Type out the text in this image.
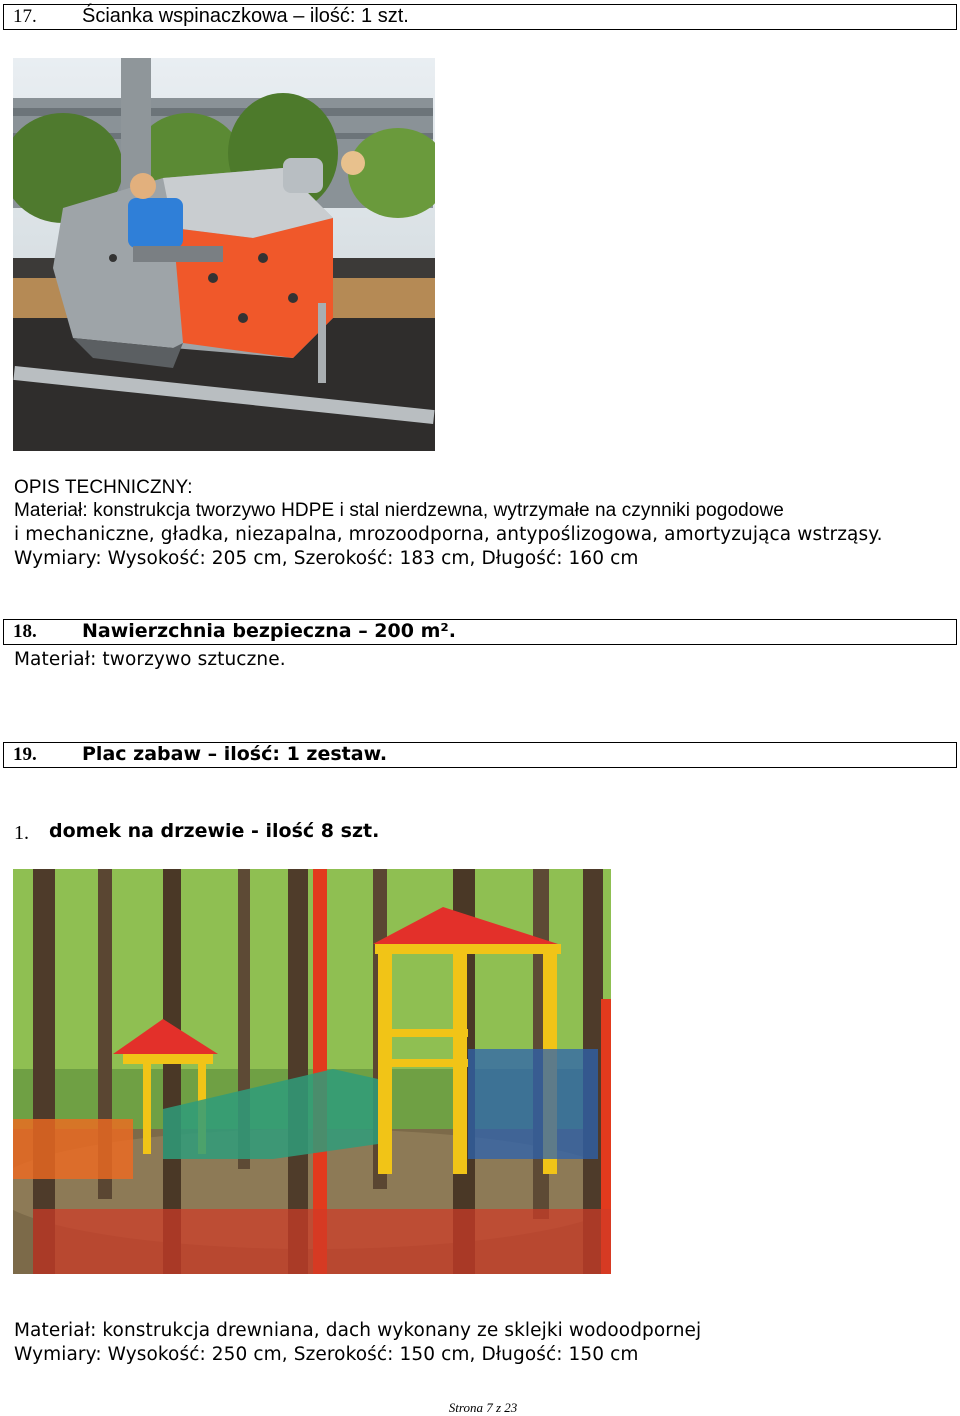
17. Ścianka wspinaczkowa – ilość: 1 szt.
OPIS TECHNICZNY:
Materiał: konstrukcja tworzywo HDPE i stal nierdzewna, wytrzymałe na czynniki pogodowe
i mechaniczne, gładka, niezapalna, mrozoodporna, antypoślizogowa, amortyzująca wstrząsy.
Wymiary: Wysokość: 205 cm, Szerokość: 183 cm, Długość: 160 cm
18. Nawierzchnia bezpieczna – 200 m².
Materiał: tworzywo sztuczne.
19. Plac zabaw – ilość: 1 zestaw.
1. domek na drzewie - ilość 8 szt.
Materiał: konstrukcja drewniana, dach wykonany ze sklejki wodoodpornej
Wymiary: Wysokość: 250 cm, Szerokość: 150 cm, Długość: 150 cm
Strona 7 z 23
